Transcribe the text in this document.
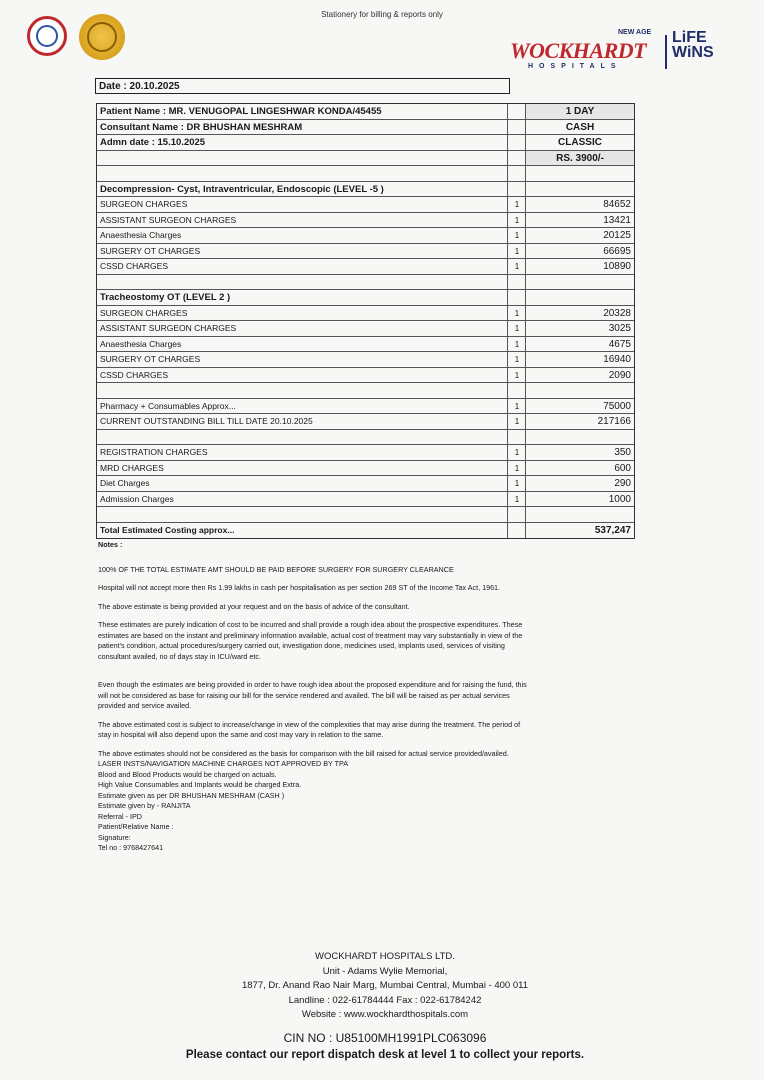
Stationery for billing & reports only
NEW AGE
WOCKHARDT
HOSPITALS
LiFE
WiNS
Date : 20.10.2025
Patient Name : MR. VENUGOPAL LINGESHWAR KONDA/45455	1 DAY
Consultant Name : DR BHUSHAN MESHRAM	CASH
Admn date : 15.10.2025	CLASSIC
RS. 3900/-
Decompression- Cyst, Intraventricular, Endoscopic (LEVEL -5 )
SURGEON CHARGES	1	84652
ASSISTANT SURGEON CHARGES	1	13421
Anaesthesia Charges	1	20125
SURGERY OT CHARGES	1	66695
CSSD CHARGES	1	10890
Tracheostomy OT (LEVEL 2 )
SURGEON CHARGES	1	20328
ASSISTANT SURGEON CHARGES	1	3025
Anaesthesia Charges	1	4675
SURGERY OT CHARGES	1	16940
CSSD CHARGES	1	2090
Pharmacy + Consumables Approx...	1	75000
CURRENT OUTSTANDING BILL TILL DATE 20.10.2025	1	217166
REGISTRATION CHARGES	1	350
MRD CHARGES	1	600
Diet Charges	1	290
Admission Charges	1	1000
Total Estimated Costing approx...	537,247

Notes :

100% OF THE TOTAL ESTIMATE AMT SHOULD BE PAID BEFORE SURGERY FOR SURGERY CLEARANCE

Hospital will not accept more then Rs 1.99 lakhs in cash per hospitalisation as per section 269 ST of the Income Tax Act, 1961.

The above estimate is being provided at your request and on the basis of advice of the consultant.

These estimates are purely indication of cost to be incurred and shall provide a rough idea about the prospective expenditures. These estimates are based on the instant and preliminary information available, actual cost of treatment may vary substantially in view of the patient's condition, actual procedures/surgery carried out, investigation done, medicines used, implants used, services of visiting consultant availed, no of days stay in ICU/ward etc.

Even though the estimates are being provided in order to have rough idea about the proposed expenditure and for raising the fund, this will not be considered as base for raising our bill for the service rendered and availed. The bill will be raised as per actual services provided and service availed.

The above estimated cost is subject to increase/change in view of the complexities that may arise during the treatment. The period of stay in hospital will also depend upon the same and cost may vary in relation to the same.

The above estimates should not be considered as the basis for comparison with the bill raised for actual service provided/availed.

LASER INSTS/NAVIGATION MACHINE CHARGES NOT APPROVED BY TPA

Blood and Blood Products would be charged on actuals.

High Value Consumables and Implants would be charged Extra.

Estimate given as per DR BHUSHAN MESHRAM (CASH )

Estimate given by - RANJITA

Referral - IPD

Patient/Relative Name :

Signature:

Tel no : 9768427641

WOCKHARDT HOSPITALS LTD.
Unit - Adams Wylie Memorial,
1877, Dr. Anand Rao Nair Marg, Mumbai Central, Mumbai - 400 011
Landline : 022-61784444 Fax : 022-61784242
Website : www.wockhardthospitals.com
CIN NO : U85100MH1991PLC063096
Please contact our report dispatch desk at level 1 to collect your reports.
